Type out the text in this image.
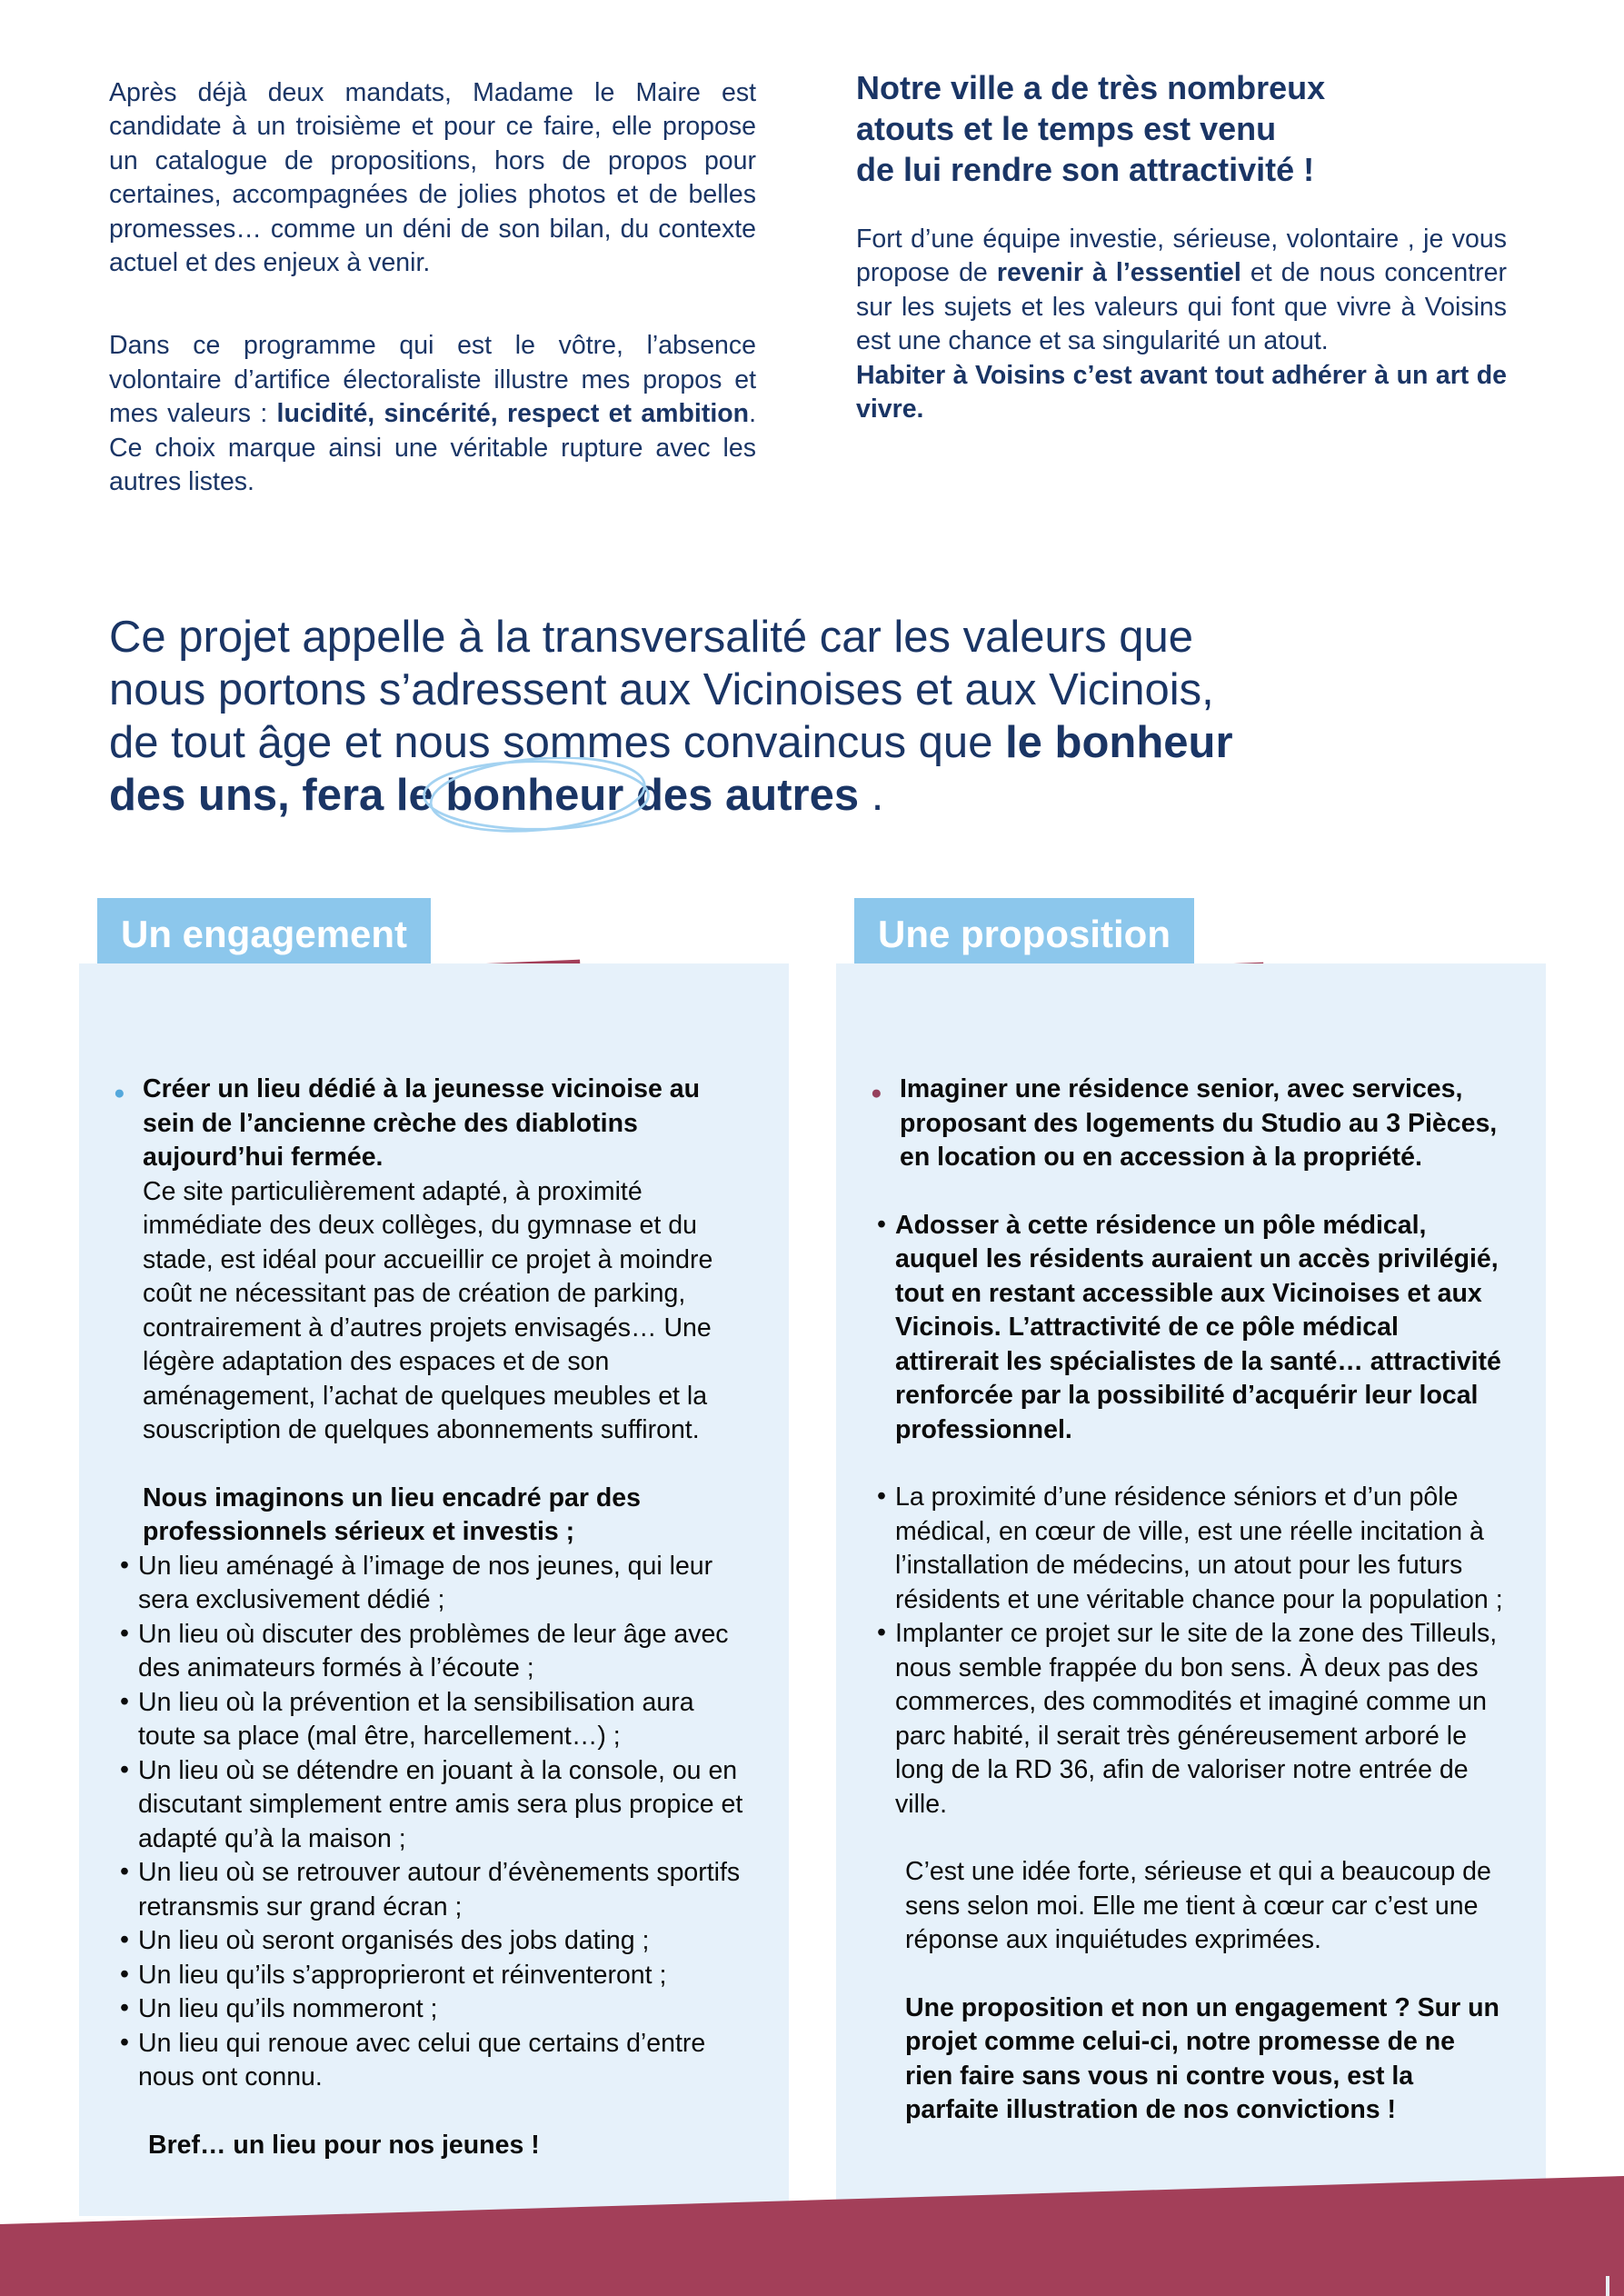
Après déjà deux mandats, Madame le Maire est candidate à un troisième et pour ce faire, elle propose un catalogue de propositions, hors de propos pour certaines, accompagnées de jolies photos et de belles promesses… comme un déni de son bilan, du contexte actuel et des enjeux à venir.

Dans ce programme qui est le vôtre, l’absence volontaire d’artifice électoraliste illustre mes propos et mes valeurs : lucidité, sincérité, respect et ambition. Ce choix marque ainsi une véritable rupture avec les autres listes.

Notre ville a de très nombreux
atouts et le temps est venu
de lui rendre son attractivité !

Fort d’une équipe investie, sérieuse, volontaire , je vous propose de revenir à l’essentiel et de nous concentrer sur les sujets et les valeurs qui font que vivre à Voisins est une chance et sa singularité un atout.
Habiter à Voisins c’est avant tout adhérer à un art de vivre.

Ce projet appelle à la transversalité car les valeurs que
nous portons s’adressent aux Vicinoises et aux Vicinois,
de tout âge et nous sommes convaincus que le bonheur
des uns, fera le
bonheur des autres .
Un engagement	Une proposition
● Créer un lieu dédié à la jeunesse vicinoise au sein de l’ancienne crèche des diablotins aujourd’hui fermée.
Ce site particulièrement adapté, à proximité immédiate des deux collèges, du gymnase et du stade, est idéal pour accueillir ce projet à moindre coût ne nécessitant pas de création de parking, contrairement à d’autres projets envisagés… Une légère adaptation des espaces et de son aménagement, l’achat de quelques meubles et la souscription de quelques abonnements suffiront.
Nous imaginons un lieu encadré par des professionnels sérieux et investis ;
• Un lieu aménagé à l’image de nos jeunes, qui leur sera exclusivement dédié ;
• Un lieu où discuter des problèmes de leur âge avec des animateurs formés à l’écoute ;
• Un lieu où la prévention et la sensibilisation aura toute sa place (mal être, harcellement…) ;
• Un lieu où se détendre en jouant à la console, ou en discutant simplement entre amis sera plus propice et adapté qu’à la maison ;
• Un lieu où se retrouver autour d’évènements sportifs retransmis sur grand écran ;
• Un lieu où seront organisés des jobs dating ;
• Un lieu qu’ils s’approprieront et réinventeront ;
• Un lieu qu’ils nommeront ;
• Un lieu qui renoue avec celui que certains d’entre nous ont connu.
Bref… un lieu pour nos jeunes !
● Imaginer une résidence senior, avec services, proposant des logements du Studio au 3 Pièces, en location ou en accession à la propriété.
• Adosser à cette résidence un pôle médical, auquel les résidents auraient un accès privilégié, tout en restant accessible aux Vicinoises et aux Vicinois. L’attractivité de ce pôle médical attirerait les spécialistes de la santé… attractivité renforcée par la possibilité d’acquérir leur local professionnel.
• La proximité d’une résidence séniors et d’un pôle médical, en cœur de ville, est une réelle incitation à l’installation de médecins, un atout pour les futurs résidents et une véritable chance pour la population ;
• Implanter ce projet sur le site de la zone des Tilleuls, nous semble frappée du bon sens. À deux pas des commerces, des commodités et imaginé comme un parc habité, il serait très généreusement arboré le long de la RD 36, afin de valoriser notre entrée de ville.
C’est une idée forte, sérieuse et qui a beaucoup de sens selon moi. Elle me tient à cœur car c’est une réponse aux inquiétudes exprimées.
Une proposition et non un engagement ? Sur un projet comme celui-ci, notre promesse de ne rien faire sans vous ni contre vous, est la parfaite illustration de nos convictions !
